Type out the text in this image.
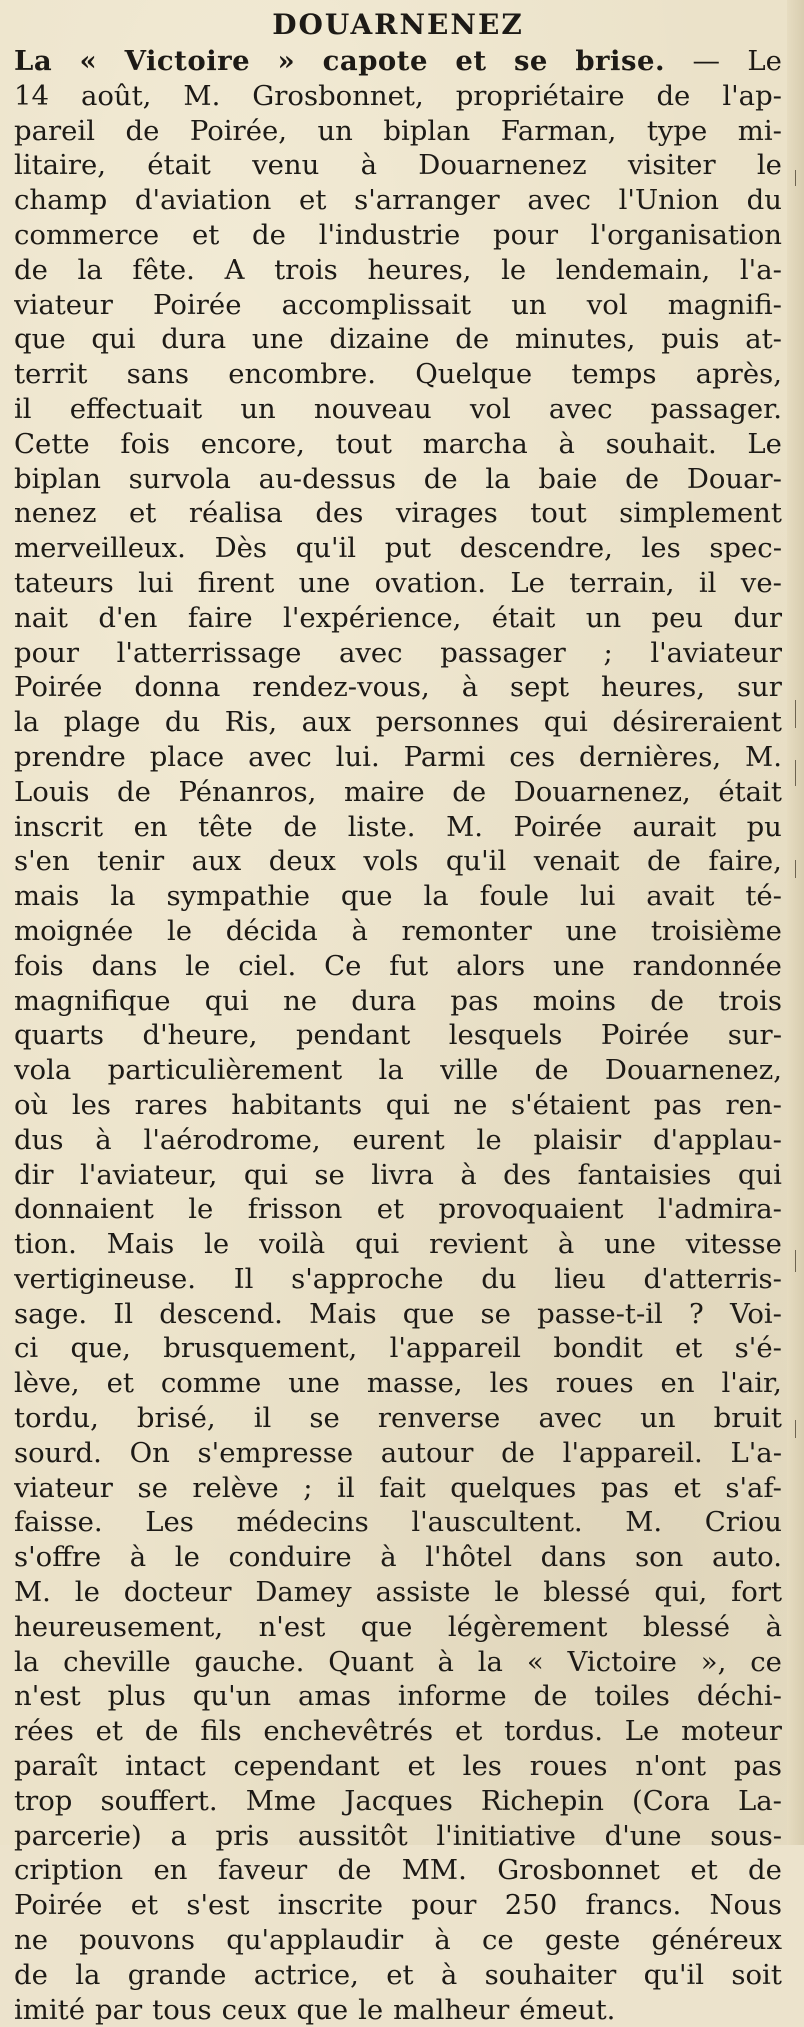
DOUARNENEZ
La « Victoire » capote et se brise. — Le
14 août, M. Grosbonnet, propriétaire de l'ap-
pareil de Poirée, un biplan Farman, type mi-
litaire, était venu à Douarnenez visiter le
champ d'aviation et s'arranger avec l'Union du
commerce et de l'industrie pour l'organisation
de la fête. A trois heures, le lendemain, l'a-
viateur Poirée accomplissait un vol magnifi-
que qui dura une dizaine de minutes, puis at-
territ sans encombre. Quelque temps après,
il effectuait un nouveau vol avec passager.
Cette fois encore, tout marcha à souhait. Le
biplan survola au-dessus de la baie de Douar-
nenez et réalisa des virages tout simplement
merveilleux. Dès qu'il put descendre, les spec-
tateurs lui firent une ovation. Le terrain, il ve-
nait d'en faire l'expérience, était un peu dur
pour l'atterrissage avec passager ; l'aviateur
Poirée donna rendez-vous, à sept heures, sur
la plage du Ris, aux personnes qui désireraient
prendre place avec lui. Parmi ces dernières, M.
Louis de Pénanros, maire de Douarnenez, était
inscrit en tête de liste. M. Poirée aurait pu
s'en tenir aux deux vols qu'il venait de faire,
mais la sympathie que la foule lui avait té-
moignée le décida à remonter une troisième
fois dans le ciel. Ce fut alors une randonnée
magnifique qui ne dura pas moins de trois
quarts d'heure, pendant lesquels Poirée sur-
vola particulièrement la ville de Douarnenez,
où les rares habitants qui ne s'étaient pas ren-
dus à l'aérodrome, eurent le plaisir d'applau-
dir l'aviateur, qui se livra à des fantaisies qui
donnaient le frisson et provoquaient l'admira-
tion. Mais le voilà qui revient à une vitesse
vertigineuse. Il s'approche du lieu d'atterris-
sage. Il descend. Mais que se passe-t-il ? Voi-
ci que, brusquement, l'appareil bondit et s'é-
lève, et comme une masse, les roues en l'air,
tordu, brisé, il se renverse avec un bruit
sourd. On s'empresse autour de l'appareil. L'a-
viateur se relève ; il fait quelques pas et s'af-
faisse. Les médecins l'auscultent. M. Criou
s'offre à le conduire à l'hôtel dans son auto.
M. le docteur Damey assiste le blessé qui, fort
heureusement, n'est que légèrement blessé à
la cheville gauche. Quant à la « Victoire », ce
n'est plus qu'un amas informe de toiles déchi-
rées et de fils enchevêtrés et tordus. Le moteur
paraît intact cependant et les roues n'ont pas
trop souffert. Mme Jacques Richepin (Cora La-
parcerie) a pris aussitôt l'initiative d'une sous-
cription en faveur de MM. Grosbonnet et de
Poirée et s'est inscrite pour 250 francs. Nous
ne pouvons qu'applaudir à ce geste généreux
de la grande actrice, et à souhaiter qu'il soit
imité par tous ceux que le malheur émeut.
